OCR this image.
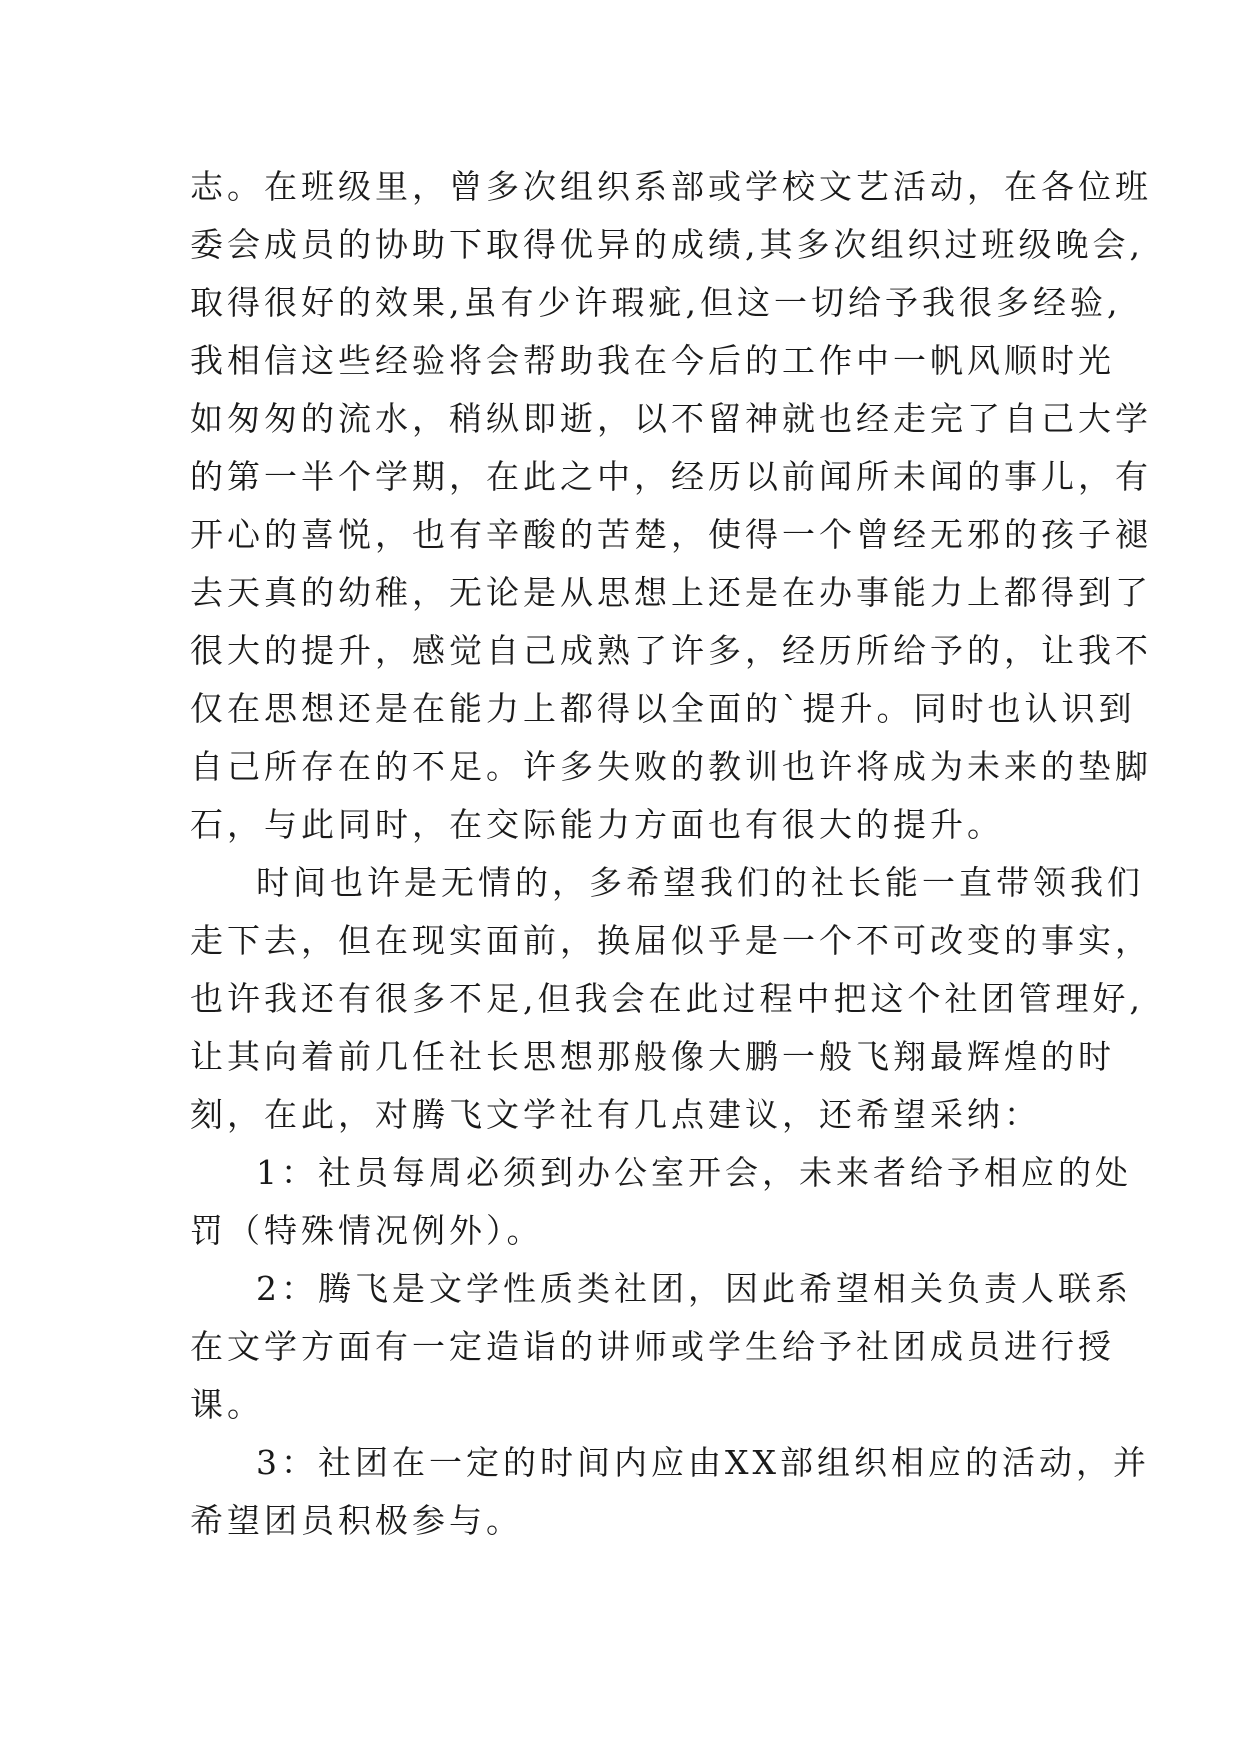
志。在班级里，曾多次组织系部或学校文艺活动，在各位班
委会成员的协助下取得优异的成绩,其多次组织过班级晚会,
取得很好的效果,虽有少许瑕疵,但这一切给予我很多经验,
我相信这些经验将会帮助我在今后的工作中一帆风顺时光
如匆匆的流水，稍纵即逝，以不留神就也经走完了自己大学
的第一半个学期，在此之中，经历以前闻所未闻的事儿，有
开心的喜悦，也有辛酸的苦楚，使得一个曾经无邪的孩子褪
去天真的幼稚，无论是从思想上还是在办事能力上都得到了
很大的提升，感觉自己成熟了许多，经历所给予的，让我不
仅在思想还是在能力上都得以全面的`提升。同时也认识到
自己所存在的不足。许多失败的教训也许将成为未来的垫脚
石，与此同时，在交际能力方面也有很大的提升。
时间也许是无情的，多希望我们的社长能一直带领我们
走下去，但在现实面前，换届似乎是一个不可改变的事实，
也许我还有很多不足,但我会在此过程中把这个社团管理好,
让其向着前几任社长思想那般像大鹏一般飞翔最辉煌的时
刻，在此，对腾飞文学社有几点建议，还希望采纳：
1：社员每周必须到办公室开会，未来者给予相应的处
罚（特殊情况例外）。
2：腾飞是文学性质类社团，因此希望相关负责人联系
在文学方面有一定造诣的讲师或学生给予社团成员进行授
课。
3：社团在一定的时间内应由XX部组织相应的活动，并
希望团员积极参与。
